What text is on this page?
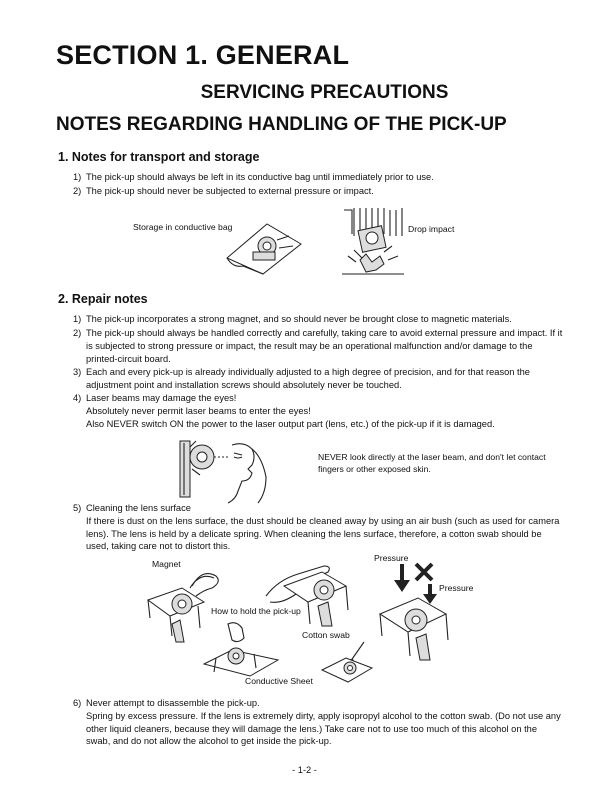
SECTION 1. GENERAL
SERVICING PRECAUTIONS
NOTES REGARDING HANDLING OF THE PICK-UP
1. Notes for transport and storage
1) The pick-up should always be left in its conductive bag until immediately prior to use.
2) The pick-up should never be subjected to external pressure or impact.
Storage in conductive bag	Drop impact
2. Repair notes
1) The pick-up incorporates a strong magnet, and so should never be brought close to magnetic materials.
2) The pick-up should always be handled correctly and carefully, taking care to avoid external pressure and impact. If it is subjected to strong pressure or impact, the result may be an operational malfunction and/or damage to the printed-circuit board.
3) Each and every pick-up is already individually adjusted to a high degree of precision, and for that reason the adjustment point and installation screws should absolutely never be touched.
4) Laser beams may damage the eyes!
Absolutely never permit laser beams to enter the eyes!
Also NEVER switch ON the power to the laser output part (lens, etc.) of the pick-up if it is damaged.
NEVER look directly at the laser beam, and don't let contact fingers or other exposed skin.
5) Cleaning the lens surface
If there is dust on the lens surface, the dust should be cleaned away by using an air bush (such as used for camera lens). The lens is held by a delicate spring. When cleaning the lens surface, therefore, a cotton swab should be used, taking care not to distort this.
Magnet
How to hold the pick-up
Pressure
Pressure
Cotton swab
Conductive Sheet
6) Never attempt to disassemble the pick-up.
Spring by excess pressure. If the lens is extremely dirty, apply isopropyl alcohol to the cotton swab. (Do not use any other liquid cleaners, because they will damage the lens.) Take care not to use too much of this alcohol on the swab, and do not allow the alcohol to get inside the pick-up.
- 1-2 -
